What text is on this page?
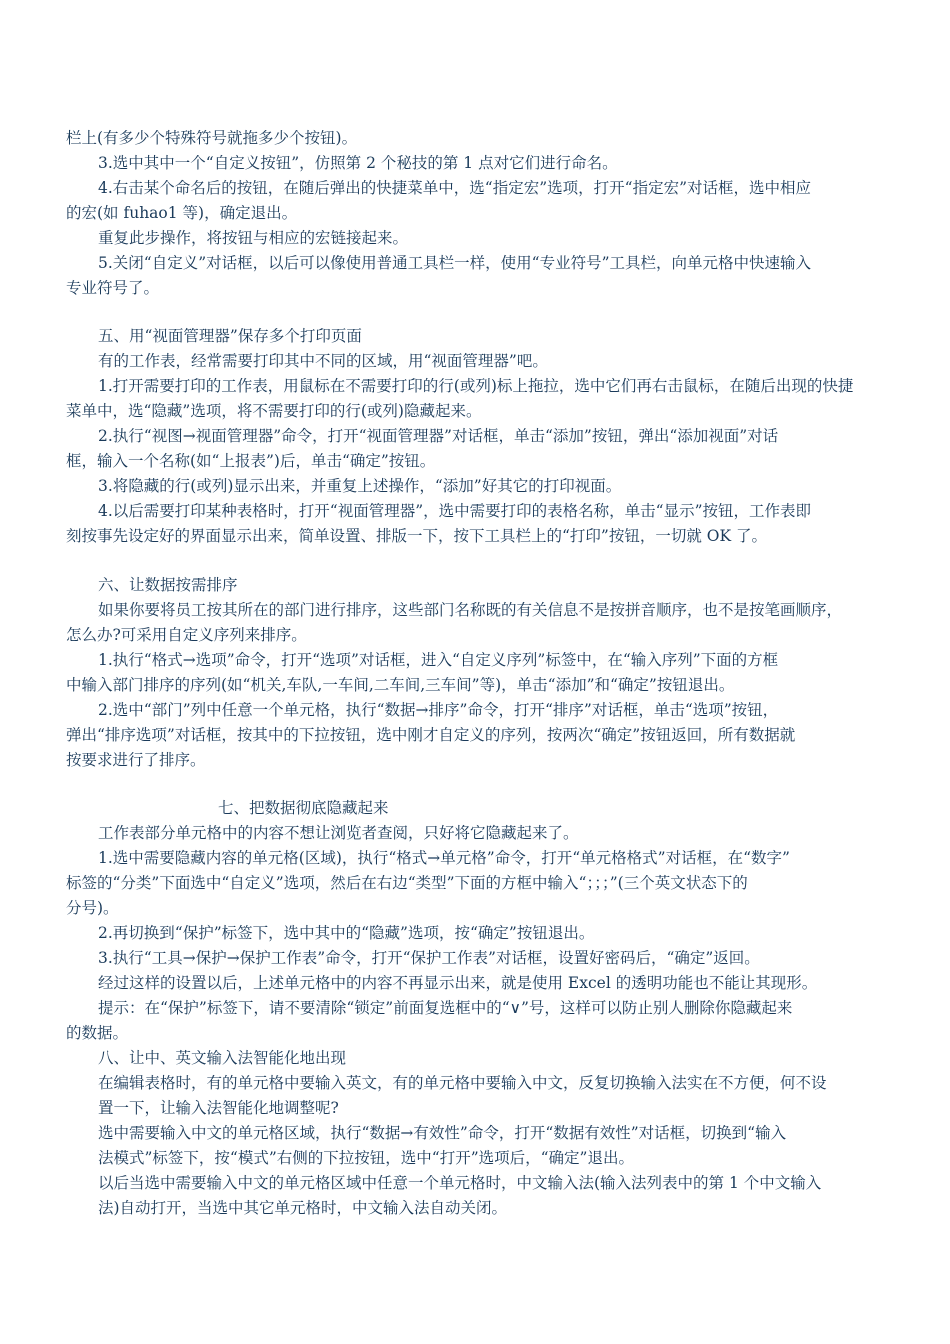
栏上(有多少个特殊符号就拖多少个按钮)。
3.选中其中一个“自定义按钮”，仿照第 2 个秘技的第 1 点对它们进行命名。
4.右击某个命名后的按钮，在随后弹出的快捷菜单中，选“指定宏”选项，打开“指定宏”对话框，选中相应
的宏(如 fuhao1 等)，确定退出。
重复此步操作，将按钮与相应的宏链接起来。
5.关闭“自定义”对话框，以后可以像使用普通工具栏一样，使用“专业符号”工具栏，向单元格中快速输入
专业符号了。
五、用“视面管理器”保存多个打印页面
有的工作表，经常需要打印其中不同的区域，用“视面管理器”吧。
1.打开需要打印的工作表，用鼠标在不需要打印的行(或列)标上拖拉，选中它们再右击鼠标，在随后出现的快捷
菜单中，选“隐藏”选项，将不需要打印的行(或列)隐藏起来。
2.执行“视图→视面管理器”命令，打开“视面管理器”对话框，单击“添加”按钮，弹出“添加视面”对话
框，输入一个名称(如“上报表”)后，单击“确定”按钮。
3.将隐藏的行(或列)显示出来，并重复上述操作，“添加”好其它的打印视面。
4.以后需要打印某种表格时，打开“视面管理器”，选中需要打印的表格名称，单击“显示”按钮，工作表即
刻按事先设定好的界面显示出来，简单设置、排版一下，按下工具栏上的“打印”按钮，一切就 OK 了。
六、让数据按需排序
如果你要将员工按其所在的部门进行排序，这些部门名称既的有关信息不是按拼音顺序，也不是按笔画顺序，
怎么办?可采用自定义序列来排序。
1.执行“格式→选项”命令，打开“选项”对话框，进入“自定义序列”标签中，在“输入序列”下面的方框
中输入部门排序的序列(如“机关,车队,一车间,二车间,三车间”等)，单击“添加”和“确定”按钮退出。
2.选中“部门”列中任意一个单元格，执行“数据→排序”命令，打开“排序”对话框，单击“选项”按钮，
弹出“排序选项”对话框，按其中的下拉按钮，选中刚才自定义的序列，按两次“确定”按钮返回，所有数据就
按要求进行了排序。
七、把数据彻底隐藏起来
工作表部分单元格中的内容不想让浏览者查阅，只好将它隐藏起来了。
1.选中需要隐藏内容的单元格(区域)，执行“格式→单元格”命令，打开“单元格格式”对话框，在“数字”
标签的“分类”下面选中“自定义”选项，然后在右边“类型”下面的方框中输入“；；；”(三个英文状态下的
分号)。
2.再切换到“保护”标签下，选中其中的“隐藏”选项，按“确定”按钮退出。
3.执行“工具→保护→保护工作表”命令，打开“保护工作表”对话框，设置好密码后，“确定”返回。
经过这样的设置以后，上述单元格中的内容不再显示出来，就是使用 Excel 的透明功能也不能让其现形。
提示：在“保护”标签下，请不要清除“锁定”前面复选框中的“∨”号，这样可以防止别人删除你隐藏起来
的数据。
八、让中、英文输入法智能化地出现
在编辑表格时，有的单元格中要输入英文，有的单元格中要输入中文，反复切换输入法实在不方便，何不设
置一下，让输入法智能化地调整呢?
选中需要输入中文的单元格区域，执行“数据→有效性”命令，打开“数据有效性”对话框，切换到“输入
法模式”标签下，按“模式”右侧的下拉按钮，选中“打开”选项后，“确定”退出。
以后当选中需要输入中文的单元格区域中任意一个单元格时，中文输入法(输入法列表中的第 1 个中文输入
法)自动打开，当选中其它单元格时，中文输入法自动关闭。
